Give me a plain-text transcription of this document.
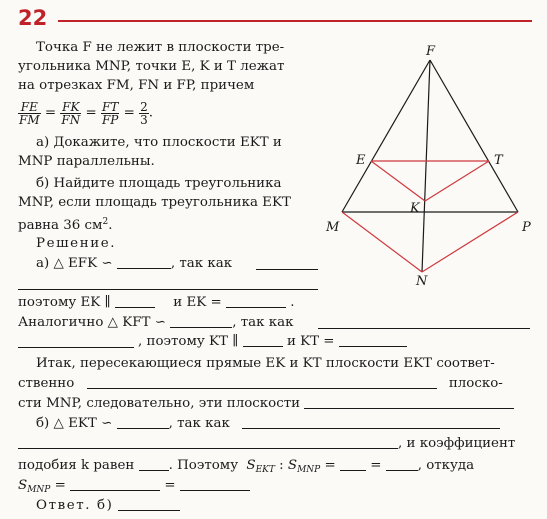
22
Точка F не лежит в плоскости тре-
угольника MNP, точки E, K и T лежат
на отрезках FM, FN и FP, причем
$\frac{FE}{FM} = \frac{FK}{FN} = \frac{FT}{FP} = \frac{2}{3}$ .
а) Докажите, что плоскости EKT и
MNP параллельны.
б) Найдите площадь треугольника
MNP, если площадь треугольника EKT
равна 36 $см^2$.
Решение.
а) △ EFK ∽	, так как
поэтому EK ∥	и EK =	.
Аналогично △ KFT ∽	, так как
, поэтому KT ∥	и KT =
Итак, пересекающиеся прямые EK и KT плоскости EKT соответ-
ственно	плоско-
сти MNP, следовательно, эти плоскости
б) △ EKT ∽	, так как
, и коэффициент
подобия k равен	. Поэтому $S_{EKT}$ : $S_{MNP}$ =  = , откуда
$S_{MNP}$ =	=
Ответ. б)
F
E	T
K
M	P
N
